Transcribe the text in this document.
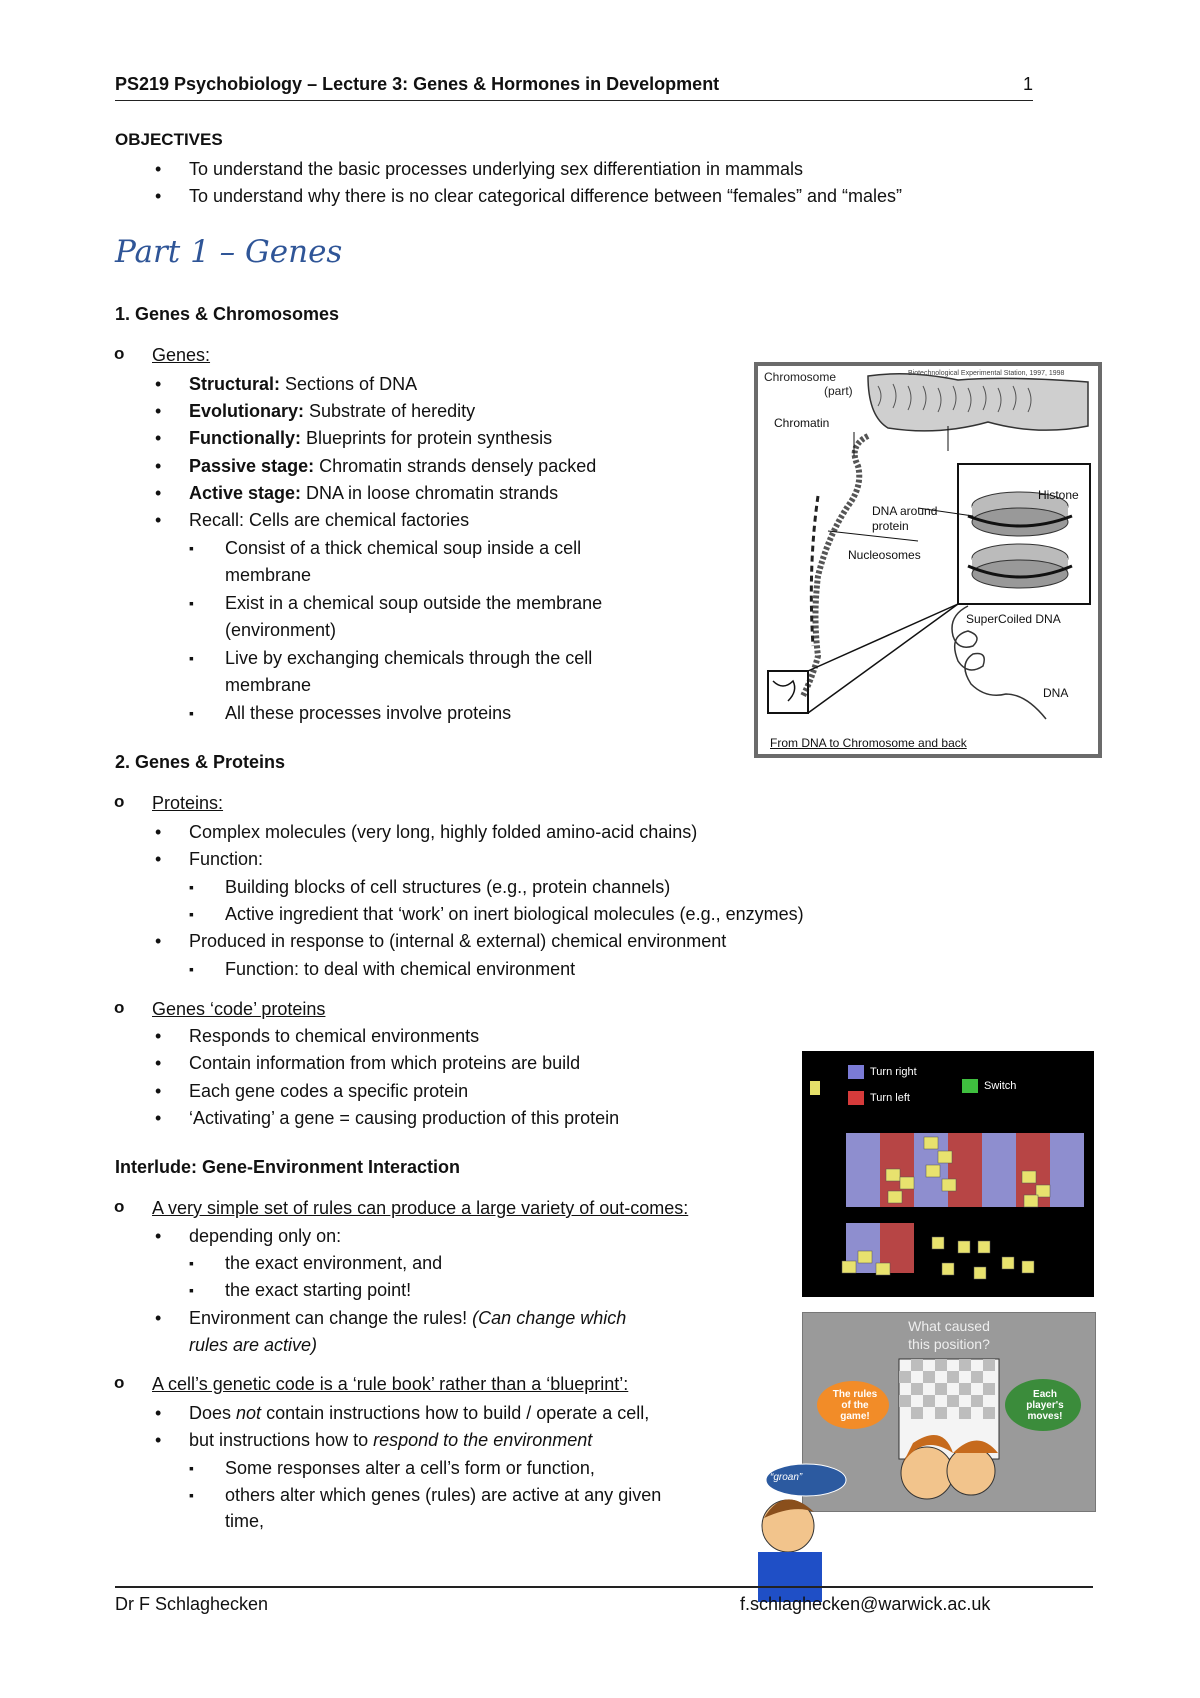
PS219 Psychobiology – Lecture 3: Genes & Hormones in Development	1
OBJECTIVES
• To understand the basic processes underlying sex differentiation in mammals
• To understand why there is no clear categorical difference between “females” and “males”
Part 1 – Genes
1. Genes & Chromosomes
o Genes:
• Structural: Sections of DNA
• Evolutionary: Substrate of heredity
• Functionally: Blueprints for protein synthesis
• Passive stage: Chromatin strands densely packed
• Active stage: DNA in loose chromatin strands
• Recall: Cells are chemical factories
▪ Consist of a thick chemical soup inside a cell
membrane
▪ Exist in a chemical soup outside the membrane
(environment)
▪ Live by exchanging chemicals through the cell
membrane
▪ All these processes involve proteins
2. Genes & Proteins
o Proteins:
• Complex molecules (very long, highly folded amino-acid chains)
• Function:
▪ Building blocks of cell structures (e.g., protein channels)
▪ Active ingredient that ‘work’ on inert biological molecules (e.g., enzymes)
• Produced in response to (internal & external) chemical environment
▪ Function: to deal with chemical environment
o Genes ‘code’ proteins
• Responds to chemical environments
• Contain information from which proteins are build
• Each gene codes a specific protein
• ‘Activating’ a gene = causing production of this protein
Interlude: Gene-Environment Interaction
o A very simple set of rules can produce a large variety of out-comes:
• depending only on:
▪ the exact environment, and
▪ the exact starting point!
• Environment can change the rules! (Can change which
rules are active)
o A cell’s genetic code is a ‘rule book’ rather than a ‘blueprint’:
• Does not contain instructions how to build / operate a cell,
• but instructions how to respond to the environment
▪ Some responses alter a cell’s form or function,
▪ others alter which genes (rules) are active at any given
time,
Chromosome
(part)
Biotechnological Experimental Station, 1997, 1998
Chromatin
Histone
DNA around
protein
Nucleosomes
SuperCoiled DNA
DNA
From DNA to Chromosome and back
Turn right
Turn left
Switch
What caused
this position?
The rules of the game!
Each player's moves!
“groan”
Dr F Schlaghecken	f.schlaghecken@warwick.ac.uk
